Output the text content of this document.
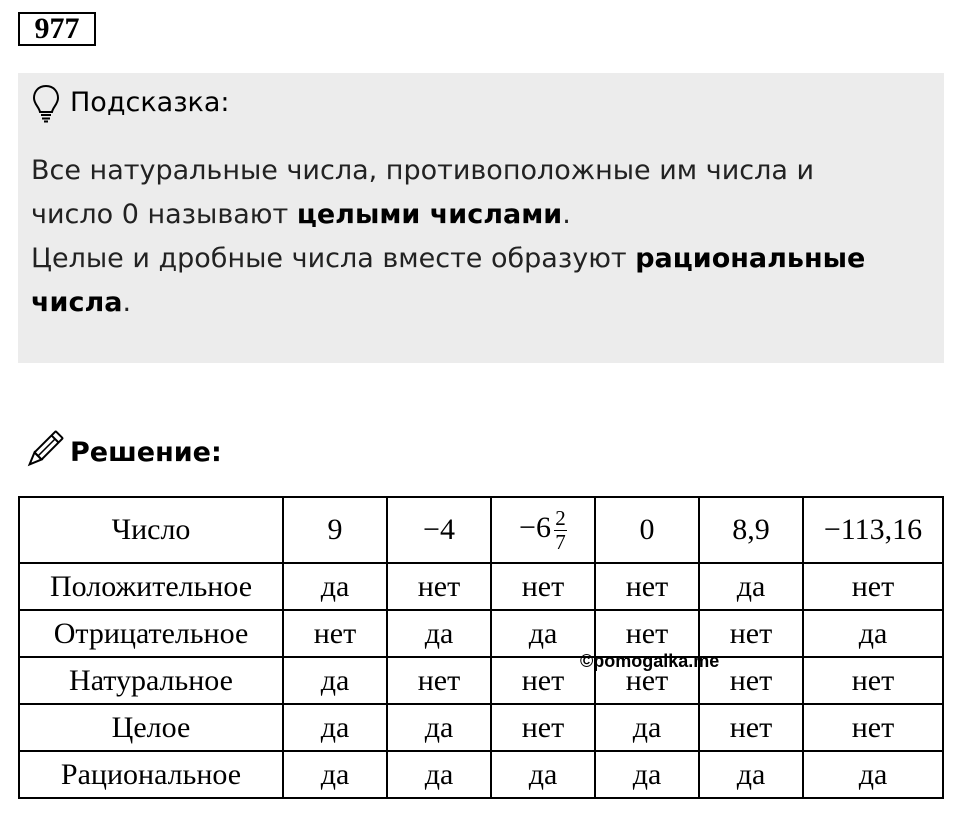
977
Подсказка:
Все натуральные числа, противоположные им числа и
число 0 называют целыми числами.
Целые и дробные числа вместе образуют рациональные
числа.
Решение:
Число	9	−4	$-6 \frac{2}{7}$	0	8,9	−113,16
Положительное	да	нет	нет	нет	да	нет
Отрицательное	нет	да	да	нет	нет	да
Натуральное	да	нет	нет	нет	нет	нет
Целое	да	да	нет	да	нет	нет
Рациональное	да	да	да	да	да	да
©pomogalka.me
